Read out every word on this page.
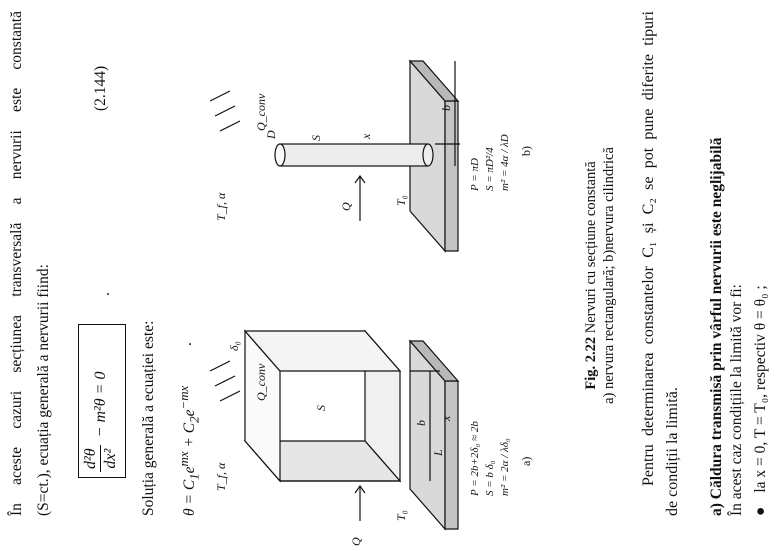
În
aceste
cazuri
secțiunea
transversală
a
nervurii
este
constantă
(S=ct.), ecuația generală a nervurii fiind: d²θ dx²
− m²θ = 0
.
(2.144)
Soluția generală a ecuației este:	$\theta = C_1e^{mx} + C_2e^{-mx}$
.
T_f, α
Q_conv
δ₀
S
b
L
x
T₀
Q
P = 2b+2δ₀ ≈ 2b S = b δ₀ m² = 2α / λδ₀ a)
T_f, α
Q_conv
D	S
b
x
T₀
Q
P = πD S = πD²/4 m² = 4α / λD b)
Fig. 2.22 Nervuri cu secțiune constantă a) nervura rectangulară; b)nervura cilindrică
Pentru
determinarea
constantelor
C₁
și
C₂
se
pot
pune
diferite
tipuri
de condiții la limită. a) Căldura transmisă prin vârful nervurii este neglijabilă În acest caz condițiile la limită vor fi: ●la x = 0, T = T₀, respectiv θ = θ₀ ;
